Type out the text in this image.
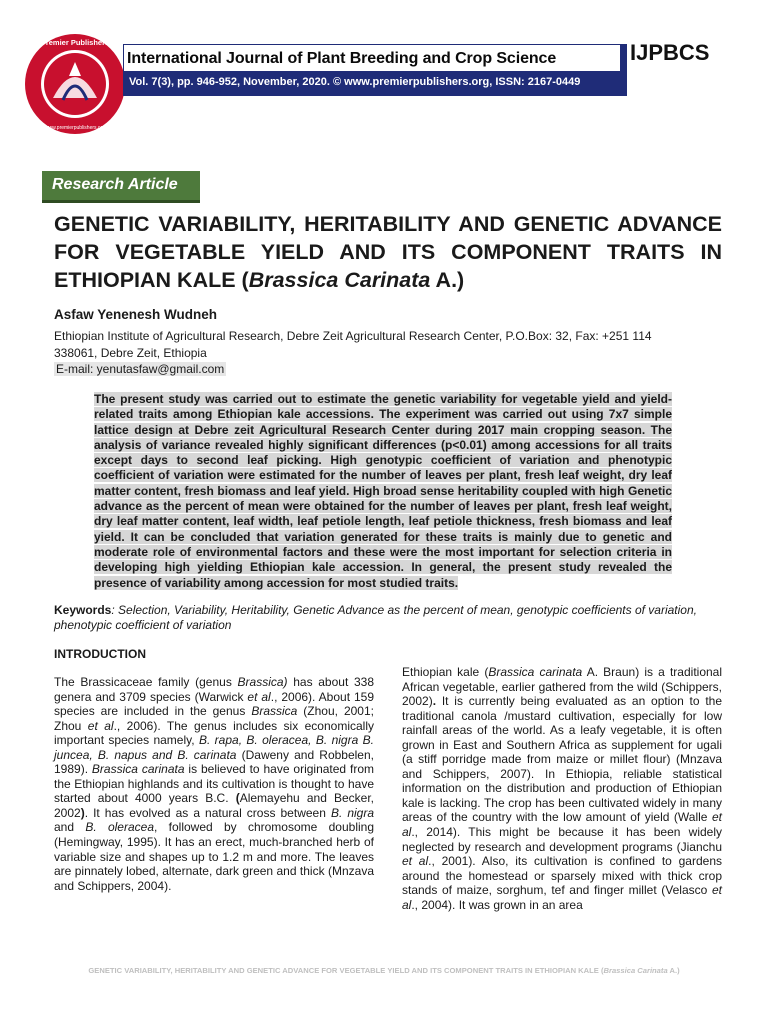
Premier Publishers
www.premierpublishers.org
International Journal of Plant Breeding and Crop Science
Vol. 7(3), pp. 946-952, November, 2020. © www.premierpublishers.org, ISSN: 2167-0449
IJPBCS
Research Article
GENETIC VARIABILITY, HERITABILITY AND GENETIC ADVANCE FOR VEGETABLE YIELD AND ITS COMPONENT TRAITS IN ETHIOPIAN KALE (Brassica Carinata A.)
Asfaw Yenenesh Wudneh
Ethiopian Institute of Agricultural Research, Debre Zeit Agricultural Research Center, P.O.Box: 32, Fax: +251 114 338061, Debre Zeit, Ethiopia
E-mail: yenutasfaw@gmail.com
The present study was carried out to estimate the genetic variability for vegetable yield and yield-related traits among Ethiopian kale accessions. The experiment was carried out using 7x7 simple lattice design at Debre zeit Agricultural Research Center during 2017 main cropping season. The analysis of variance revealed highly significant differences (p<0.01) among accessions for all traits except days to second leaf picking. High genotypic coefficient of variation and phenotypic coefficient of variation were estimated for the number of leaves per plant, fresh leaf weight, dry leaf matter content, fresh biomass and leaf yield. High broad sense heritability coupled with high Genetic advance as the percent of mean were obtained for the number of leaves per plant, fresh leaf weight, dry leaf matter content, leaf width, leaf petiole length, leaf petiole thickness, fresh biomass and leaf yield. It can be concluded that variation generated for these traits is mainly due to genetic and moderate role of environmental factors and these were the most important for selection criteria in developing high yielding Ethiopian kale accession. In general, the present study revealed the presence of variability among accession for most studied traits.
Keywords: Selection, Variability, Heritability, Genetic Advance as the percent of mean, genotypic coefficients of variation, phenotypic coefficient of variation
INTRODUCTION
The Brassicaceae family (genus Brassica) has about 338 genera and 3709 species (Warwick et al., 2006). About 159 species are included in the genus Brassica (Zhou, 2001; Zhou et al., 2006). The genus includes six economically important species namely, B. rapa, B. oleracea, B. nigra B. juncea, B. napus and B. carinata (Daweny and Robbelen, 1989). Brassica carinata is believed to have originated from the Ethiopian highlands and its cultivation is thought to have started about 4000 years B.C. (Alemayehu and Becker, 2002). It has evolved as a natural cross between B. nigra and B. oleracea, followed by chromosome doubling (Hemingway, 1995). It has an erect, much-branched herb of variable size and shapes up to 1.2 m and more. The leaves are pinnately lobed, alternate, dark green and thick (Mnzava and Schippers, 2004).
Ethiopian kale (Brassica carinata A. Braun) is a traditional African vegetable, earlier gathered from the wild (Schippers, 2002). It is currently being evaluated as an option to the traditional canola /mustard cultivation, especially for low rainfall areas of the world. As a leafy vegetable, it is often grown in East and Southern Africa as supplement for ugali (a stiff porridge made from maize or millet flour) (Mnzava and Schippers, 2007). In Ethiopia, reliable statistical information on the distribution and production of Ethiopian kale is lacking. The crop has been cultivated widely in many areas of the country with the low amount of yield (Walle et al., 2014). This might be because it has been widely neglected by research and development programs (Jianchu et al., 2001). Also, its cultivation is confined to gardens around the homestead or sparsely mixed with thick crop stands of maize, sorghum, tef and finger millet (Velasco et al., 2004). It was grown in an area
GENETIC VARIABILITY, HERITABILITY AND GENETIC ADVANCE FOR VEGETABLE YIELD AND ITS COMPONENT TRAITS IN ETHIOPIAN KALE (Brassica Carinata A.)
